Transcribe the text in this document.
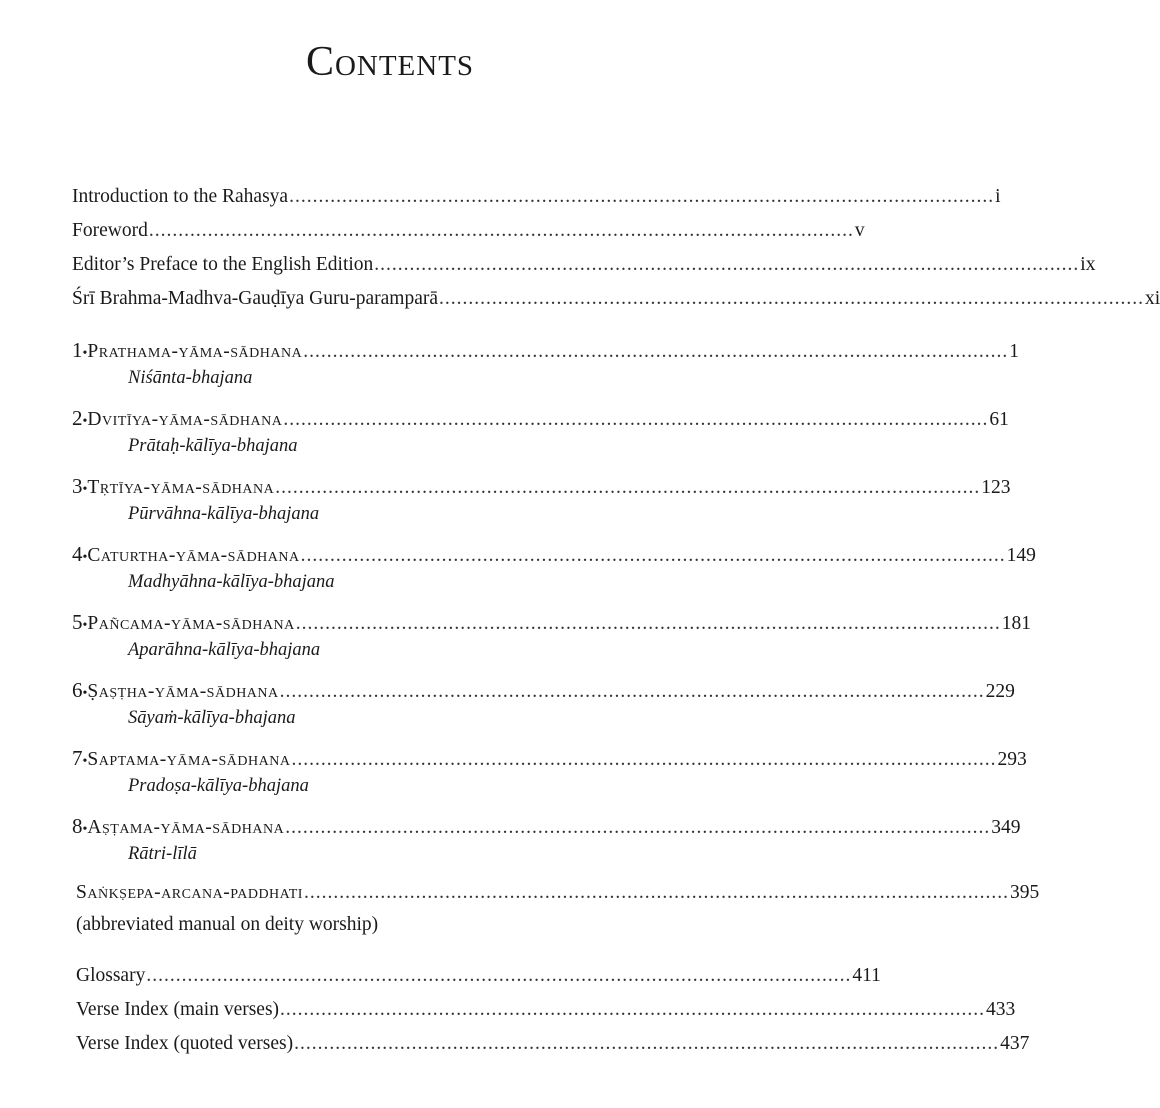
Contents
Introduction to the Rahasya ........................................................................................................................ i
Foreword ........................................................................................................................ v
Editor’s Preface to the English Edition ........................................................................................................................ ix
Śrī Brahma-Madhva-Gauḍīya Guru-paramparā ........................................................................................................................ xi
1 • Prathama-yāma-sādhana ........................................................................................................................ 1
Niśānta-bhajana
2 • Dvitīya-yāma-sādhana ........................................................................................................................ 61
Prātaḥ-kālīya-bhajana
3 • Tṛtīya-yāma-sādhana ........................................................................................................................ 123
Pūrvāhna-kālīya-bhajana
4 • Caturtha-yāma-sādhana ........................................................................................................................ 149
Madhyāhna-kālīya-bhajana
5 • Pañcama-yāma-sādhana ........................................................................................................................ 181
Aparāhna-kālīya-bhajana
6 • Ṣaṣṭha-yāma-sādhana ........................................................................................................................ 229
Sāyaṁ-kālīya-bhajana
7 • Saptama-yāma-sādhana ........................................................................................................................ 293
Pradoṣa-kālīya-bhajana
8 • Aṣṭama-yāma-sādhana ........................................................................................................................ 349
Rātri-līlā
Saṅkṣepa-arcana-paddhati ........................................................................................................................ 395
(abbreviated manual on deity worship)
Glossary ........................................................................................................................ 411
Verse Index (main verses) ........................................................................................................................ 433
Verse Index (quoted verses) ........................................................................................................................ 437
